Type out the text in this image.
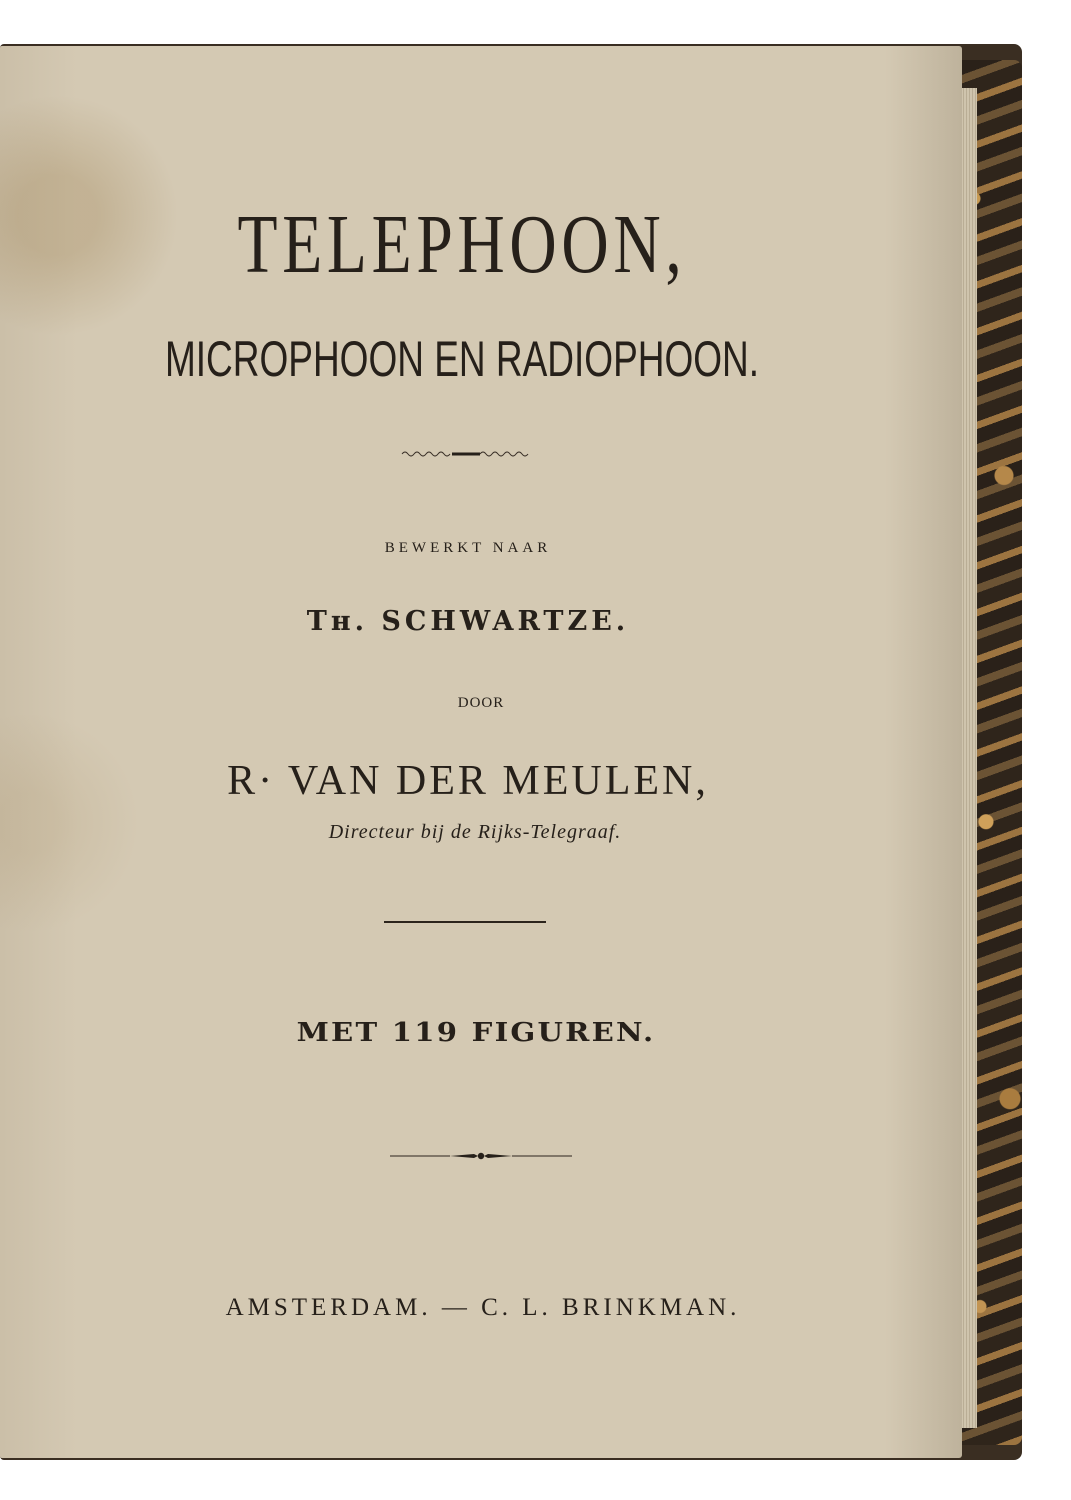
TELEPHOON,
MICROPHOON EN RADIOPHOON.
BEWERKT NAAR
Tʜ. SCHWARTZE.
DOOR
R· VAN DER MEULEN,
Directeur bij de Rijks-Telegraaf.
MET 119 FIGUREN.
AMSTERDAM. — C. L. BRINKMAN.
